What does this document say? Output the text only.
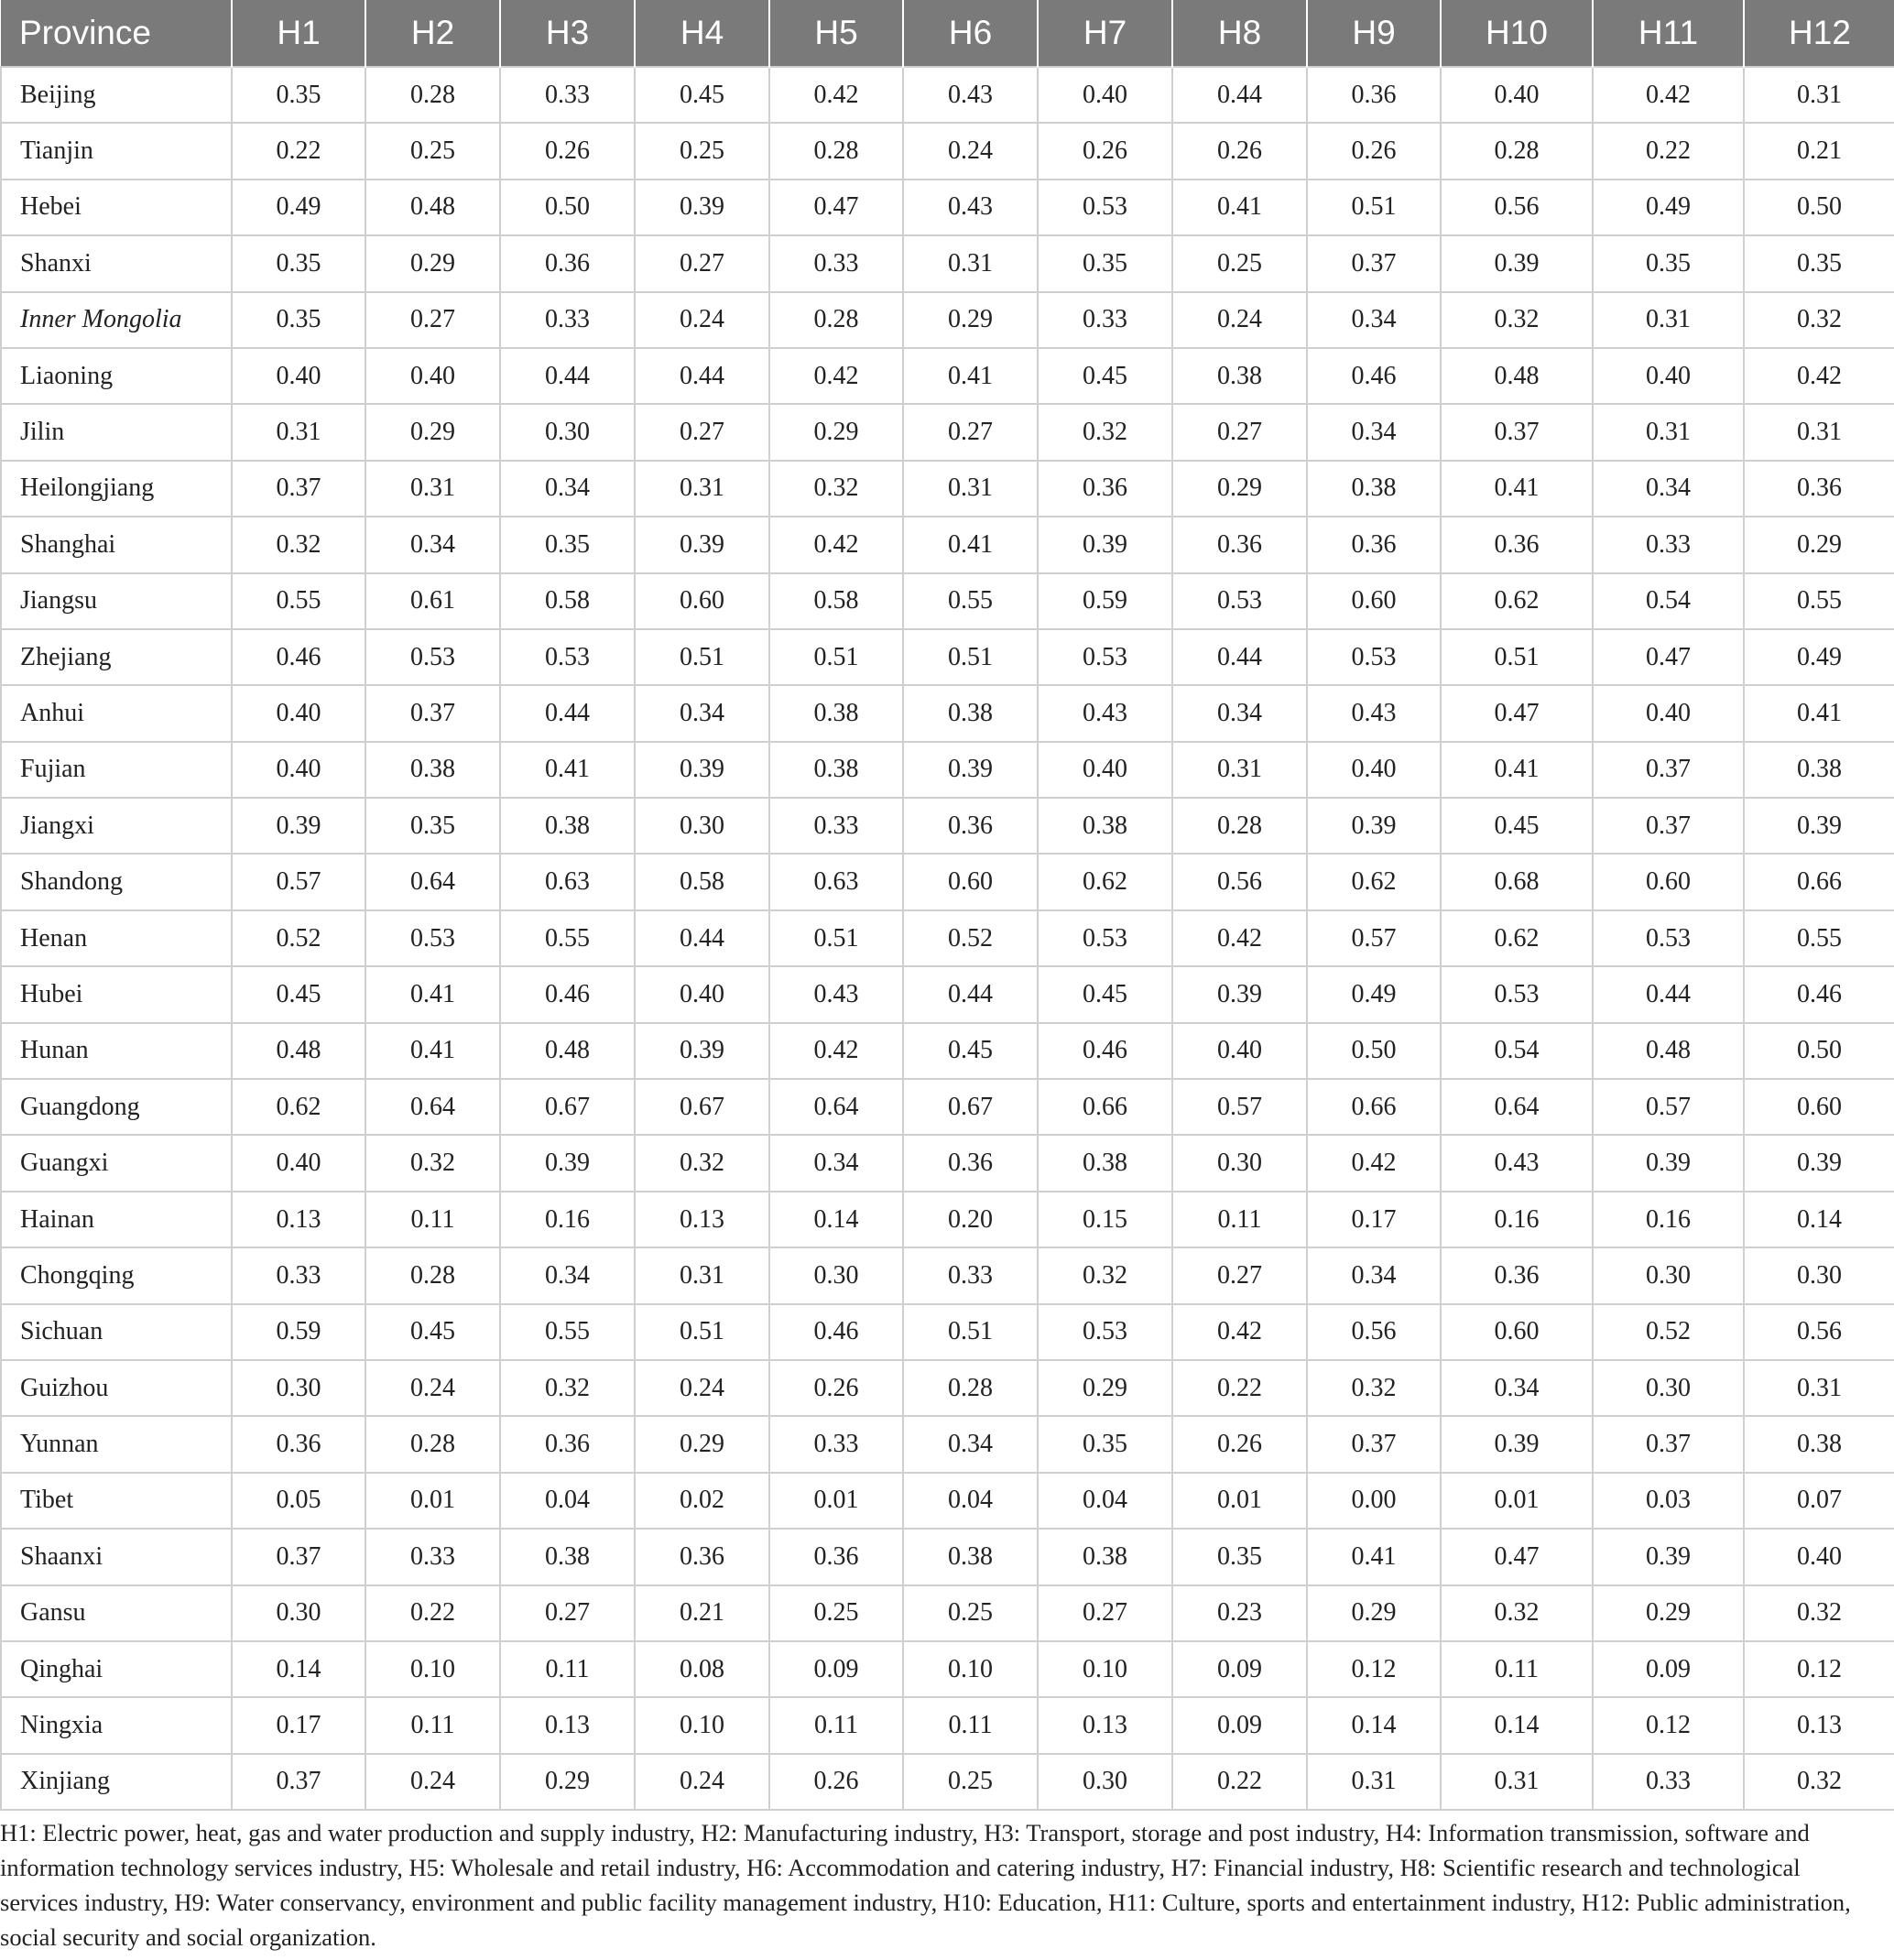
Province	H1	H2	H3	H4	H5	H6	H7	H8	H9	H10	H11	H12
Beijing	0.35	0.28	0.33	0.45	0.42	0.43	0.40	0.44	0.36	0.40	0.42	0.31
Tianjin	0.22	0.25	0.26	0.25	0.28	0.24	0.26	0.26	0.26	0.28	0.22	0.21
Hebei	0.49	0.48	0.50	0.39	0.47	0.43	0.53	0.41	0.51	0.56	0.49	0.50
Shanxi	0.35	0.29	0.36	0.27	0.33	0.31	0.35	0.25	0.37	0.39	0.35	0.35
Inner Mongolia	0.35	0.27	0.33	0.24	0.28	0.29	0.33	0.24	0.34	0.32	0.31	0.32
Liaoning	0.40	0.40	0.44	0.44	0.42	0.41	0.45	0.38	0.46	0.48	0.40	0.42
Jilin	0.31	0.29	0.30	0.27	0.29	0.27	0.32	0.27	0.34	0.37	0.31	0.31
Heilongjiang	0.37	0.31	0.34	0.31	0.32	0.31	0.36	0.29	0.38	0.41	0.34	0.36
Shanghai	0.32	0.34	0.35	0.39	0.42	0.41	0.39	0.36	0.36	0.36	0.33	0.29
Jiangsu	0.55	0.61	0.58	0.60	0.58	0.55	0.59	0.53	0.60	0.62	0.54	0.55
Zhejiang	0.46	0.53	0.53	0.51	0.51	0.51	0.53	0.44	0.53	0.51	0.47	0.49
Anhui	0.40	0.37	0.44	0.34	0.38	0.38	0.43	0.34	0.43	0.47	0.40	0.41
Fujian	0.40	0.38	0.41	0.39	0.38	0.39	0.40	0.31	0.40	0.41	0.37	0.38
Jiangxi	0.39	0.35	0.38	0.30	0.33	0.36	0.38	0.28	0.39	0.45	0.37	0.39
Shandong	0.57	0.64	0.63	0.58	0.63	0.60	0.62	0.56	0.62	0.68	0.60	0.66
Henan	0.52	0.53	0.55	0.44	0.51	0.52	0.53	0.42	0.57	0.62	0.53	0.55
Hubei	0.45	0.41	0.46	0.40	0.43	0.44	0.45	0.39	0.49	0.53	0.44	0.46
Hunan	0.48	0.41	0.48	0.39	0.42	0.45	0.46	0.40	0.50	0.54	0.48	0.50
Guangdong	0.62	0.64	0.67	0.67	0.64	0.67	0.66	0.57	0.66	0.64	0.57	0.60
Guangxi	0.40	0.32	0.39	0.32	0.34	0.36	0.38	0.30	0.42	0.43	0.39	0.39
Hainan	0.13	0.11	0.16	0.13	0.14	0.20	0.15	0.11	0.17	0.16	0.16	0.14
Chongqing	0.33	0.28	0.34	0.31	0.30	0.33	0.32	0.27	0.34	0.36	0.30	0.30
Sichuan	0.59	0.45	0.55	0.51	0.46	0.51	0.53	0.42	0.56	0.60	0.52	0.56
Guizhou	0.30	0.24	0.32	0.24	0.26	0.28	0.29	0.22	0.32	0.34	0.30	0.31
Yunnan	0.36	0.28	0.36	0.29	0.33	0.34	0.35	0.26	0.37	0.39	0.37	0.38
Tibet	0.05	0.01	0.04	0.02	0.01	0.04	0.04	0.01	0.00	0.01	0.03	0.07
Shaanxi	0.37	0.33	0.38	0.36	0.36	0.38	0.38	0.35	0.41	0.47	0.39	0.40
Gansu	0.30	0.22	0.27	0.21	0.25	0.25	0.27	0.23	0.29	0.32	0.29	0.32
Qinghai	0.14	0.10	0.11	0.08	0.09	0.10	0.10	0.09	0.12	0.11	0.09	0.12
Ningxia	0.17	0.11	0.13	0.10	0.11	0.11	0.13	0.09	0.14	0.14	0.12	0.13
Xinjiang	0.37	0.24	0.29	0.24	0.26	0.25	0.30	0.22	0.31	0.31	0.33	0.32
H1: Electric power, heat, gas and water production and supply industry, H2: Manufacturing industry, H3: Transport, storage and post industry, H4: Information transmission, software and information technology services industry, H5: Wholesale and retail industry, H6: Accommodation and catering industry, H7: Financial industry, H8: Scientific research and technological services industry, H9: Water conservancy, environment and public facility management industry, H10: Education, H11: Culture, sports and entertainment industry, H12: Public administration, social security and social organization.
